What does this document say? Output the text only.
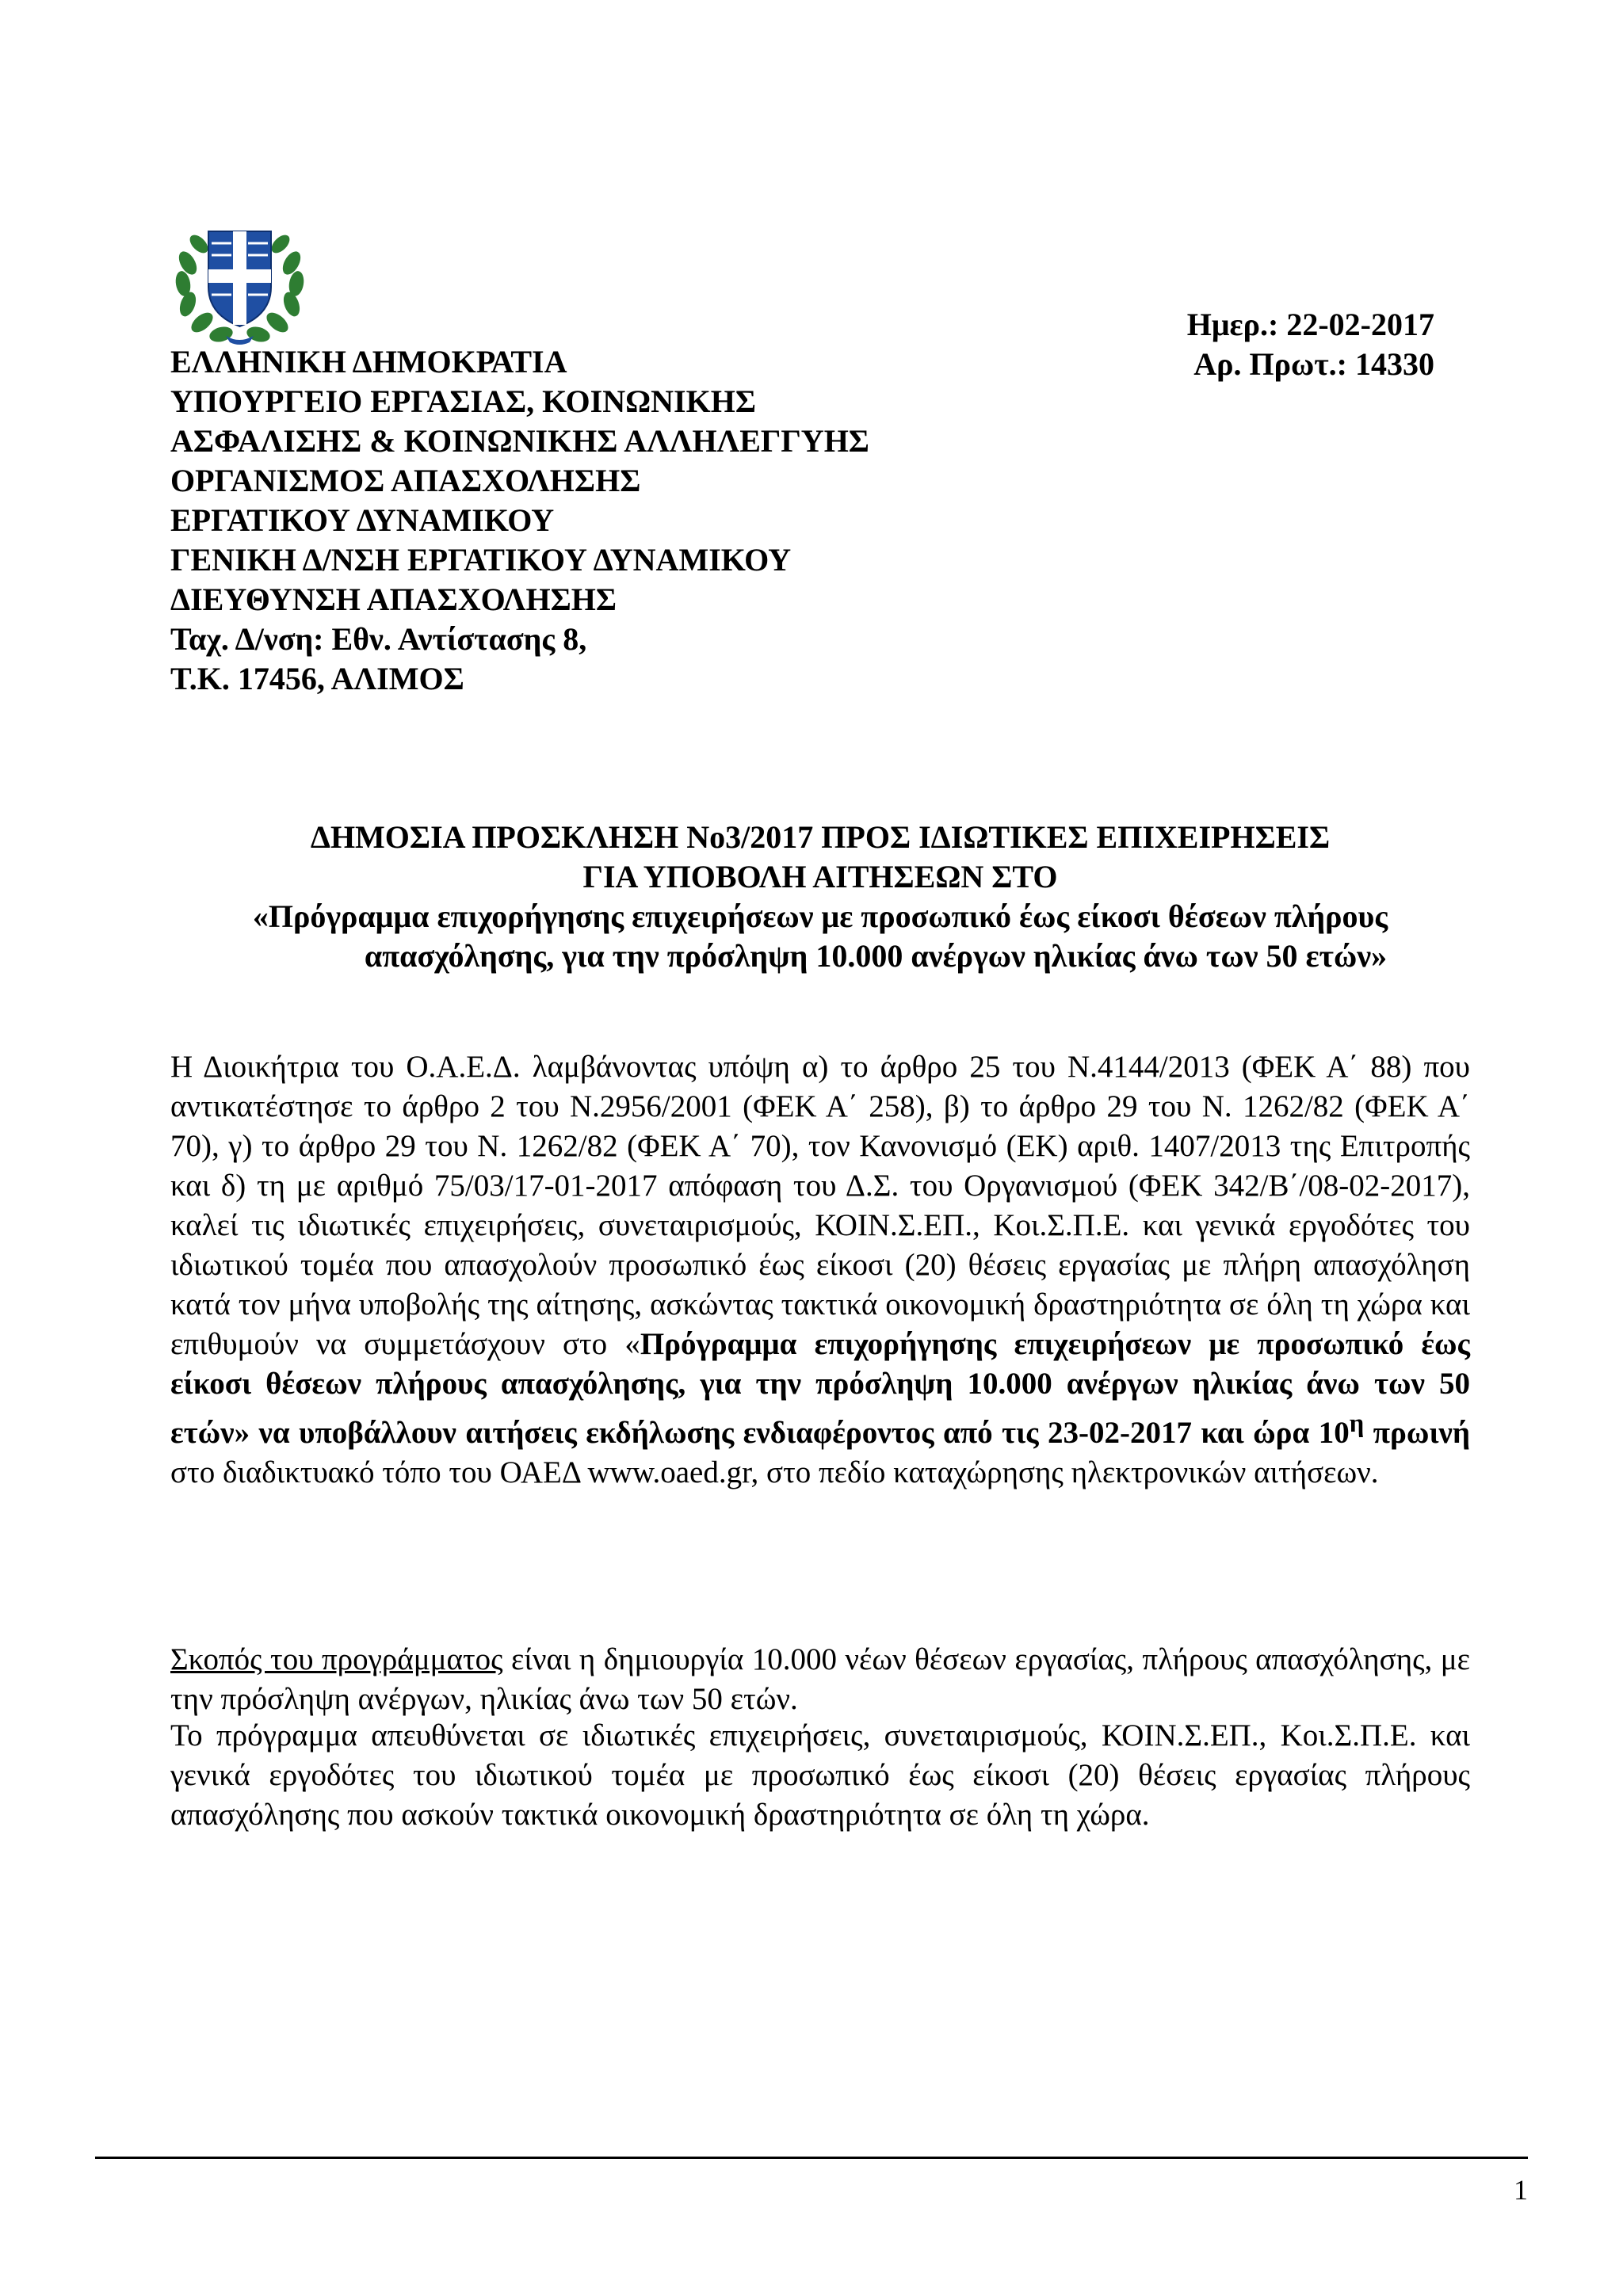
ΕΛΛΗΝΙΚΗ ΔΗΜΟΚΡΑΤΙΑ
ΥΠΟΥΡΓΕΙΟ ΕΡΓΑΣΙΑΣ, ΚΟΙΝΩΝΙΚΗΣ
ΑΣΦΑΛΙΣΗΣ & ΚΟΙΝΩΝΙΚΗΣ ΑΛΛΗΛΕΓΓΥΗΣ
ΟΡΓΑΝΙΣΜΟΣ ΑΠΑΣΧΟΛΗΣΗΣ
ΕΡΓΑΤΙΚΟΥ ΔΥΝΑΜΙΚΟΥ
ΓΕΝΙΚΗ Δ/ΝΣΗ ΕΡΓΑΤΙΚΟΥ ΔΥΝΑΜΙΚΟΥ
ΔΙΕΥΘΥΝΣΗ ΑΠΑΣΧΟΛΗΣΗΣ
Ταχ. Δ/νση: Εθν. Αντίστασης 8,
Τ.Κ. 17456, ΑΛΙΜΟΣ
Ημερ.: 22-02-2017
Αρ. Πρωτ.: 14330
ΔΗΜΟΣΙΑ ΠΡΟΣΚΛΗΣΗ Νο3/2017 ΠΡΟΣ ΙΔΙΩΤΙΚΕΣ ΕΠΙΧΕΙΡΗΣΕΙΣ
ΓΙΑ ΥΠΟΒΟΛΗ ΑΙΤΗΣΕΩΝ ΣΤΟ
«Πρόγραμμα επιχορήγησης επιχειρήσεων με προσωπικό έως είκοσι θέσεων πλήρους
απασχόλησης, για την πρόσληψη 10.000 ανέργων ηλικίας άνω των 50 ετών»
Η Διοικήτρια του Ο.Α.Ε.Δ. λαμβάνοντας υπόψη α) το άρθρο 25 του Ν.4144/2013 (ΦΕΚ Α΄ 88) που αντικατέστησε το άρθρο 2 του Ν.2956/2001 (ΦΕΚ Α΄ 258), β) το άρθρο 29 του Ν. 1262/82 (ΦΕΚ Α΄ 70), γ) το άρθρο 29 του Ν. 1262/82 (ΦΕΚ Α΄ 70), τον Κανονισμό (ΕΚ) αριθ. 1407/2013 της Επιτροπής και δ) τη με αριθμό 75/03/17-01-2017 απόφαση του Δ.Σ. του Οργανισμού (ΦΕΚ 342/Β΄/08-02-2017), καλεί τις ιδιωτικές επιχειρήσεις, συνεταιρισμούς, ΚΟΙΝ.Σ.ΕΠ., Κοι.Σ.Π.Ε. και γενικά εργοδότες του ιδιωτικού τομέα που απασχολούν προσωπικό έως είκοσι (20) θέσεις εργασίας με πλήρη απασχόληση κατά τον μήνα υποβολής της αίτησης, ασκώντας τακτικά οικονομική δραστηριότητα σε όλη τη χώρα και επιθυμούν να συμμετάσχουν στο «Πρόγραμμα επιχορήγησης επιχειρήσεων με προσωπικό έως είκοσι θέσεων πλήρους απασχόλησης, για την πρόσληψη 10.000 ανέργων ηλικίας άνω των 50 ετών» να υποβάλλουν αιτήσεις εκδήλωσης ενδιαφέροντος από τις 23-02-2017 και ώρα $10^\eta$ πρωινή στο διαδικτυακό τόπο του ΟΑΕΔ www.oaed.gr, στο πεδίο καταχώρησης ηλεκτρονικών αιτήσεων.
Σκοπός του προγράμματος είναι η δημιουργία 10.000 νέων θέσεων εργασίας, πλήρους απασχόλησης, με την πρόσληψη ανέργων, ηλικίας άνω των 50 ετών.
Το πρόγραμμα απευθύνεται σε ιδιωτικές επιχειρήσεις, συνεταιρισμούς, ΚΟΙΝ.Σ.ΕΠ., Κοι.Σ.Π.Ε. και γενικά εργοδότες του ιδιωτικού τομέα με προσωπικό έως είκοσι (20) θέσεις εργασίας πλήρους απασχόλησης που ασκούν τακτικά οικονομική δραστηριότητα σε όλη τη χώρα.
1
